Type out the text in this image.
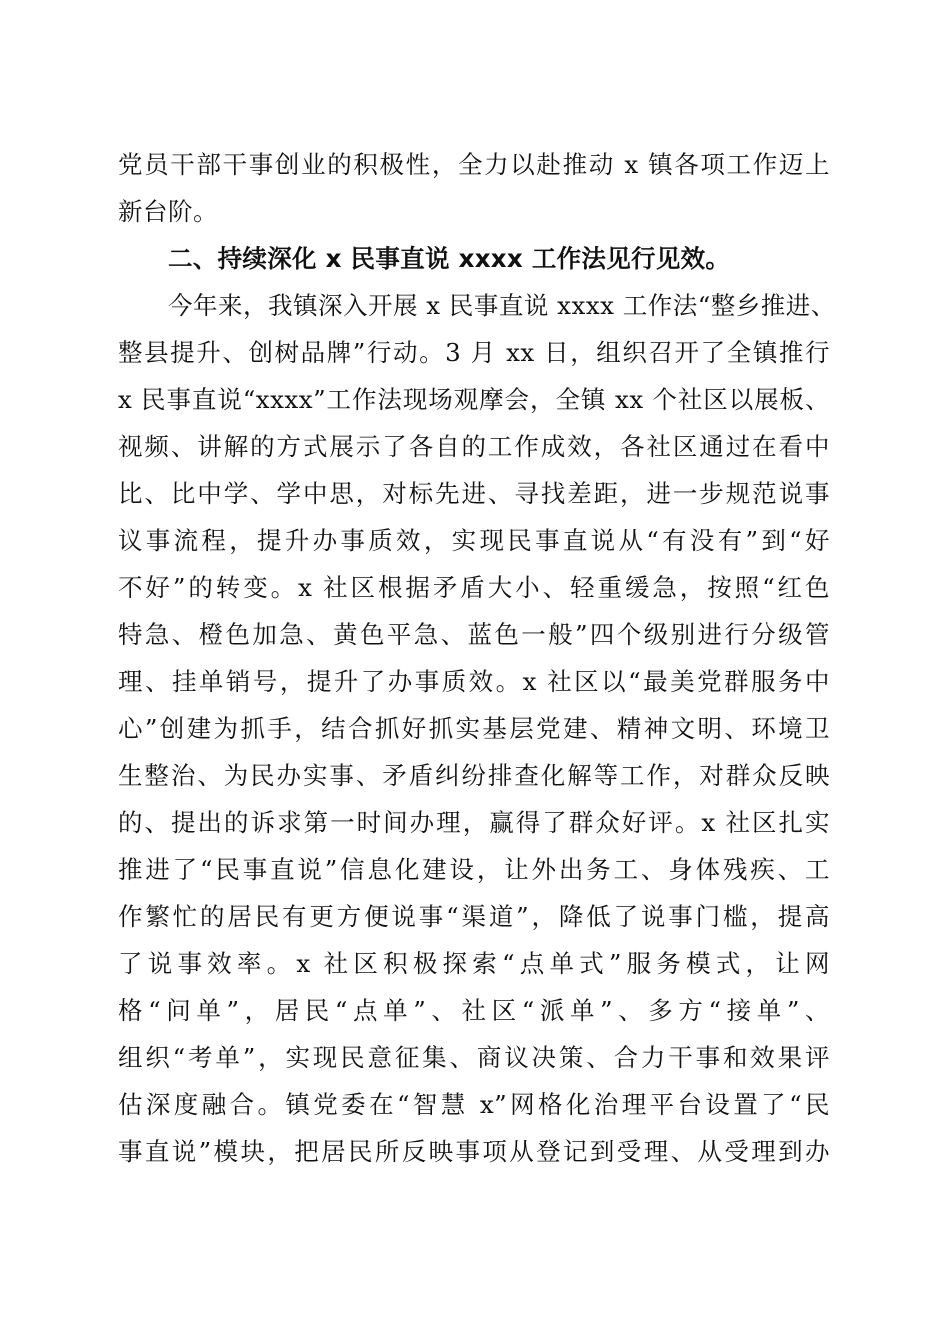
党员干部干事创业的积极性，全力以赴推动 x 镇各项工作迈上
新台阶。
二、持续深化 x 民事直说 xxxx 工作法见行见效。
今年来，我镇深入开展 x 民事直说 xxxx 工作法“整乡推进、
整县提升、创树品牌”行动。3 月 xx 日，组织召开了全镇推行
x 民事直说“xxxx”工作法现场观摩会，全镇 xx 个社区以展板、
视频、讲解的方式展示了各自的工作成效，各社区通过在看中
比、比中学、学中思，对标先进、寻找差距，进一步规范说事
议事流程，提升办事质效，实现民事直说从“有没有”到“好
不好”的转变。x 社区根据矛盾大小、轻重缓急，按照“红色
特急、橙色加急、黄色平急、蓝色一般”四个级别进行分级管
理、挂单销号，提升了办事质效。x 社区以“最美党群服务中
心”创建为抓手，结合抓好抓实基层党建、精神文明、环境卫
生整治、为民办实事、矛盾纠纷排查化解等工作，对群众反映
的、提出的诉求第一时间办理，赢得了群众好评。x 社区扎实
推进了“民事直说”信息化建设，让外出务工、身体残疾、工
作繁忙的居民有更方便说事“渠道”，降低了说事门槛，提高
了说事效率。x 社区积极探索“点单式”服务模式，让网
格“问单”，居民“点单”、社区“派单”、多方“接单”、
组织“考单”，实现民意征集、商议决策、合力干事和效果评
估深度融合。镇党委在“智慧 x”网格化治理平台设置了“民
事直说”模块，把居民所反映事项从登记到受理、从受理到办
